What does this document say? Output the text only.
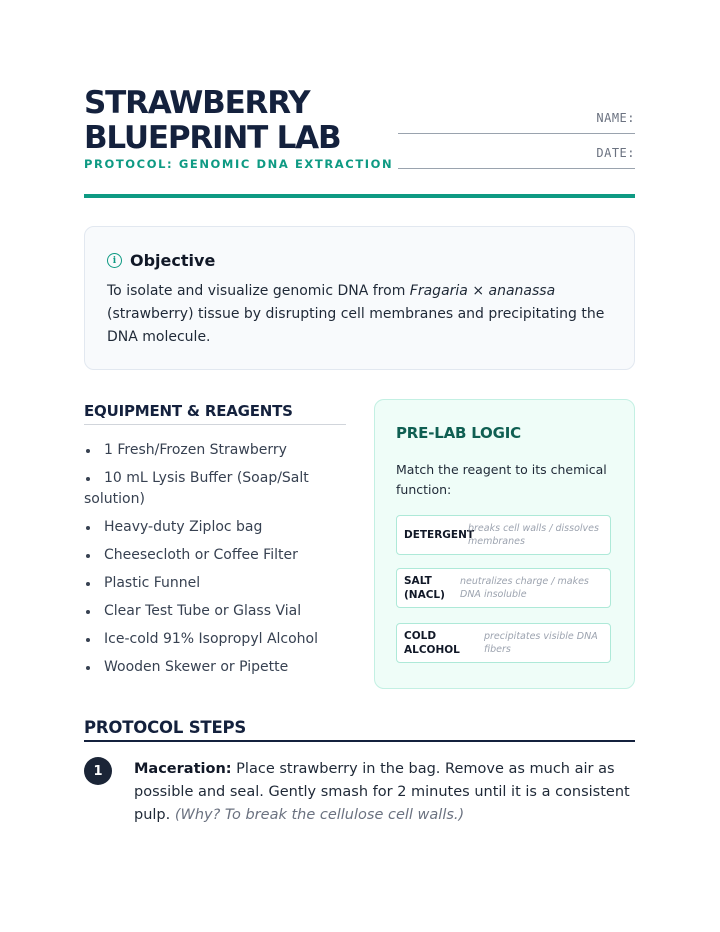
STRAWBERRY
BLUEPRINT LAB
PROTOCOL: GENOMIC DNA EXTRACTION
NAME:
DATE:
i Objective

To isolate and visualize genomic DNA from Fragaria × ananassa (strawberry) tissue by disrupting cell membranes and precipitating the DNA molecule.

EQUIPMENT & REAGENTS
1 Fresh/Frozen Strawberry
10 mL Lysis Buffer (Soap/Salt solution)
Heavy-duty Ziploc bag
Cheesecloth or Coffee Filter
Plastic Funnel
Clear Test Tube or Glass Vial
Ice-cold 91% Isopropyl Alcohol
Wooden Skewer or Pipette
PRE-LAB LOGIC
Match the reagent to its chemical function:
DETERGENT
breaks cell walls / dissolves membranes
SALT (NACL)
neutralizes charge / makes DNA insoluble
COLD ALCOHOL
precipitates visible DNA fibers
PROTOCOL STEPS
1	Maceration: Place strawberry in the bag. Remove as much air as possible and seal. Gently smash for 2 minutes until it is a consistent pulp. (Why? To break the cellulose cell walls.)
